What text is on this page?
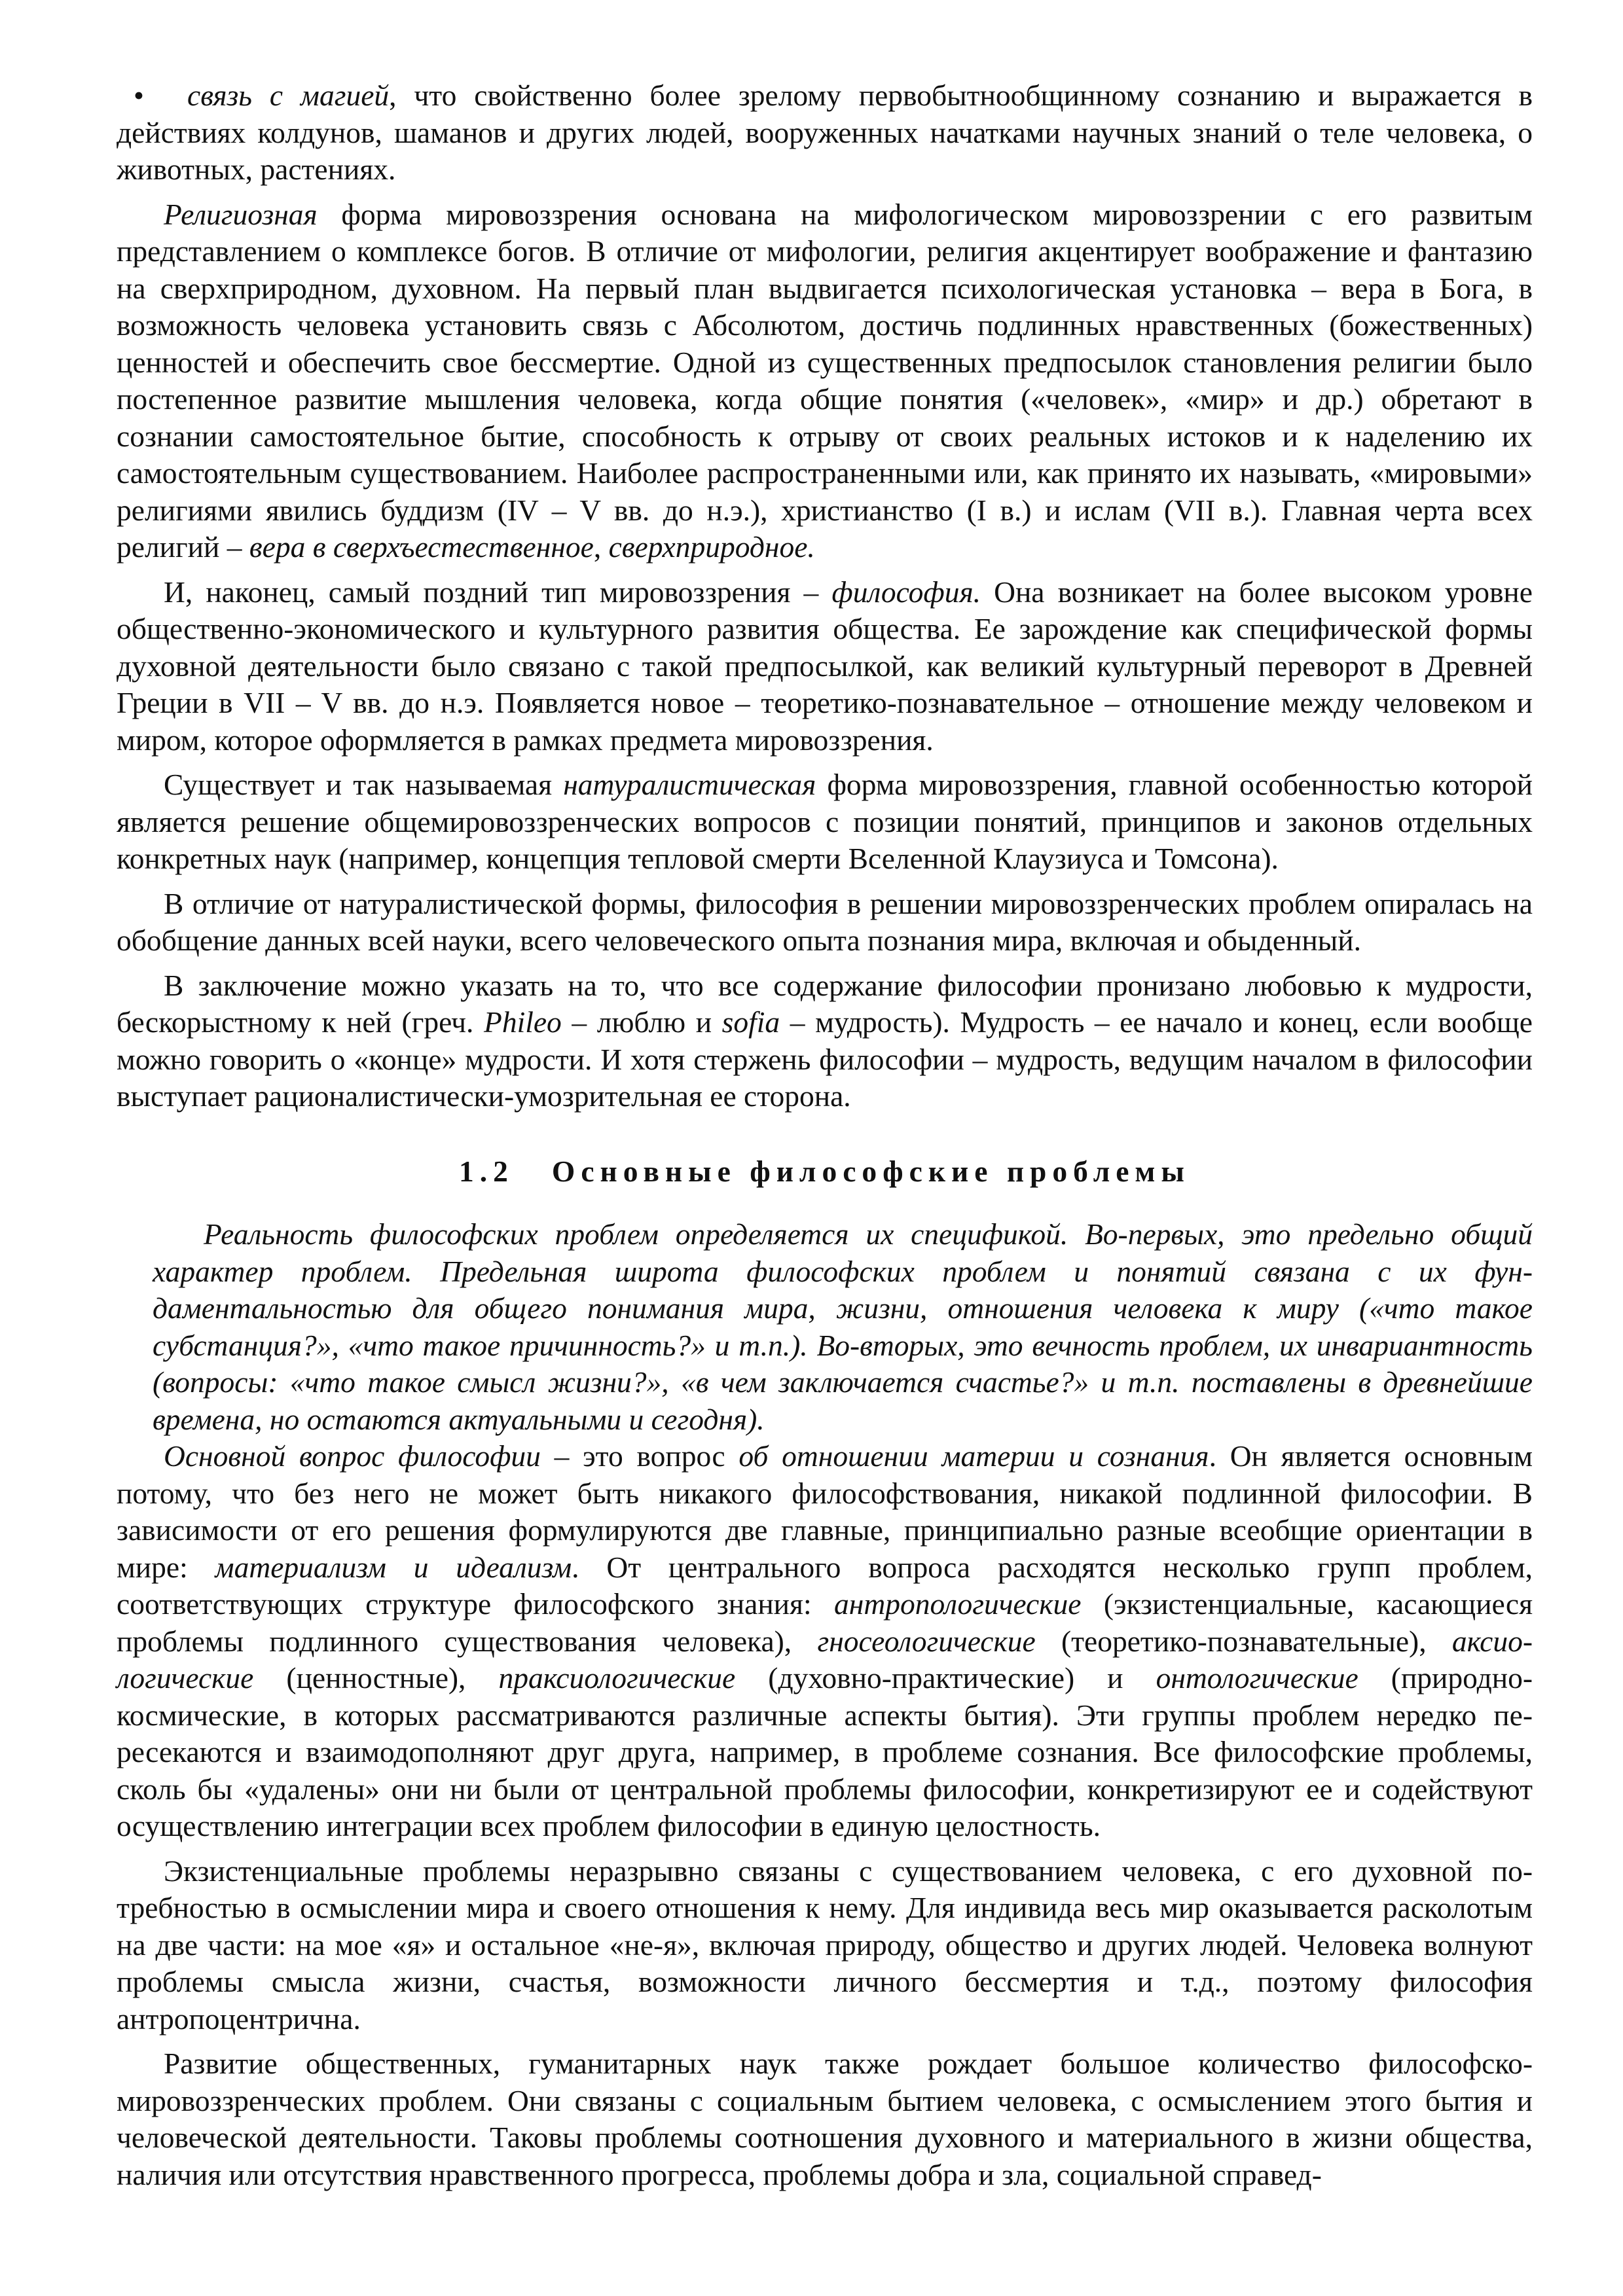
• связь с магией, что свойственно более зрелому первобытнообщинному сознанию и выражается в действиях колдунов, шаманов и других людей, вооруженных начатками научных знаний о теле человека, о животных, растениях.

Религиозная форма мировоззрения основана на мифологическом мировоззрении с его развитым представлением о комплексе богов. В отличие от мифологии, религия акцентирует воображение и фантазию на сверхприродном, духовном. На первый план выдвигается психологическая установка – вера в Бога, в возможность человека установить связь с Абсолютом, достичь подлинных нравственных (божественных) ценностей и обеспечить свое бессмертие. Одной из существенных предпосылок становления религии было постепенное развитие мышления человека, когда общие понятия («человек», «мир» и др.) обретают в сознании самостоятельное бытие, способность к отрыву от своих реальных истоков и к наделению их самостоятельным существованием. Наиболее распространенными или, как принято их называть, «мировыми» религиями явились буддизм (IV – V вв. до н.э.), христианство (I в.) и ислам (VII в.). Главная черта всех религий – вера в сверхъестественное, сверхприродное.

И, наконец, самый поздний тип мировоззрения – философия. Она возникает на более высоком уровне общественно-экономического и культурного развития общества. Ее зарождение как специфической формы духовной деятельности было связано с такой предпосылкой, как великий культурный переворот в Древней Греции в VII – V вв. до н.э. Появляется новое – теоретико-познавательное – отношение между человеком и миром, которое оформляется в рамках предмета мировоззрения.

Существует и так называемая натуралистическая форма мировоззрения, главной особенностью которой является решение общемировоззренческих вопросов с позиции понятий, принципов и законов отдельных конкретных наук (например, концепция тепловой смерти Вселенной Клаузиуса и Томсона).

В отличие от натуралистической формы, философия в решении мировоззренческих проблем опиралась на обобщение данных всей науки, всего человеческого опыта познания мира, включая и обыденный.

В заключение можно указать на то, что все содержание философии пронизано любовью к мудрости, бескорыстному к ней (греч. Phileo – люблю и sofia – мудрость). Мудрость – ее начало и конец, если вообще можно говорить о «конце» мудрости. И хотя стержень философии – мудрость, ведущим началом в философии выступает рационалистически-умозрительная ее сторона.

1.2 Основные философские проблемы

Реальность философских проблем определяется их спецификой. Во-первых, это предельно общий характер проблем. Предельная широта философских проблем и понятий связана с их фундаментальностью для общего понимания мира, жизни, отношения человека к миру («что такое субстанция?», «что такое причинность?» и т.п.). Во-вторых, это вечность проблем, их инвариантность (вопросы: «что такое смысл жизни?», «в чем заключается счастье?» и т.п. поставлены в древнейшие времена, но остаются актуальными и сегодня).

Основной вопрос философии – это вопрос об отношении материи и сознания. Он является основным потому, что без него не может быть никакого философствования, никакой подлинной философии. В зависимости от его решения формулируются две главные, принципиально разные всеобщие ориентации в мире: материализм и идеализм. От центрального вопроса расходятся несколько групп проблем, соответствующих структуре философского знания: антропологические (экзистенциальные, касающиеся проблемы подлинного существования человека), гносеологические (теоретико-познавательные), аксиологические (ценностные), праксиологические (духовно-практические) и онтологические (природно-космические, в которых рассматриваются различные аспекты бытия). Эти группы проблем нередко пересекаются и взаимодополняют друг друга, например, в проблеме сознания. Все философские проблемы, сколь бы «удалены» они ни были от центральной проблемы философии, конкретизируют ее и содействуют осуществлению интеграции всех проблем философии в единую целостность.

Экзистенциальные проблемы неразрывно связаны с существованием человека, с его духовной потребностью в осмыслении мира и своего отношения к нему. Для индивида весь мир оказывается расколотым на две части: на мое «я» и остальное «не-я», включая природу, общество и других людей. Человека волнуют проблемы смысла жизни, счастья, возможности личного бессмертия и т.д., поэтому философия антропоцентрична.

Развитие общественных, гуманитарных наук также рождает большое количество философско-мировоззренческих проблем. Они связаны с социальным бытием человека, с осмыслением этого бытия и человеческой деятельности. Таковы проблемы соотношения духовного и материального в жизни общества, наличия или отсутствия нравственного прогресса, проблемы добра и зла, социальной справед-
